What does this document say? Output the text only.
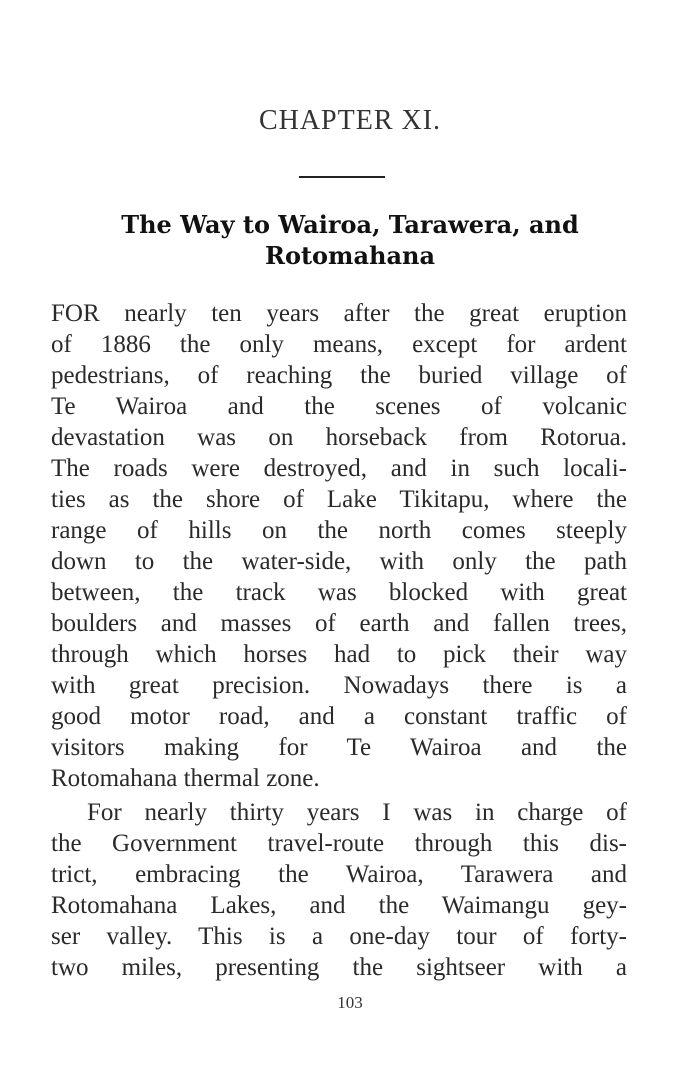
CHAPTER XI.
The Way to Wairoa, Tarawera, and
Rotomahana
FOR nearly ten years after the great eruption
of 1886 the only means, except for ardent
pedestrians, of reaching the buried village of
Te Wairoa and the scenes of volcanic
devastation was on horseback from Rotorua.
The roads were destroyed, and in such locali-
ties as the shore of Lake Tikitapu, where the
range of hills on the north comes steeply
down to the water-side, with only the path
between, the track was blocked with great
boulders and masses of earth and fallen trees,
through which horses had to pick their way
with great precision. Nowadays there is a
good motor road, and a constant traffic of
visitors making for Te Wairoa and the
Rotomahana thermal zone.
For nearly thirty years I was in charge of
the Government travel-route through this dis-
trict, embracing the Wairoa, Tarawera and
Rotomahana Lakes, and the Waimangu gey-
ser valley. This is a one-day tour of forty-
two miles, presenting the sightseer with a
103
